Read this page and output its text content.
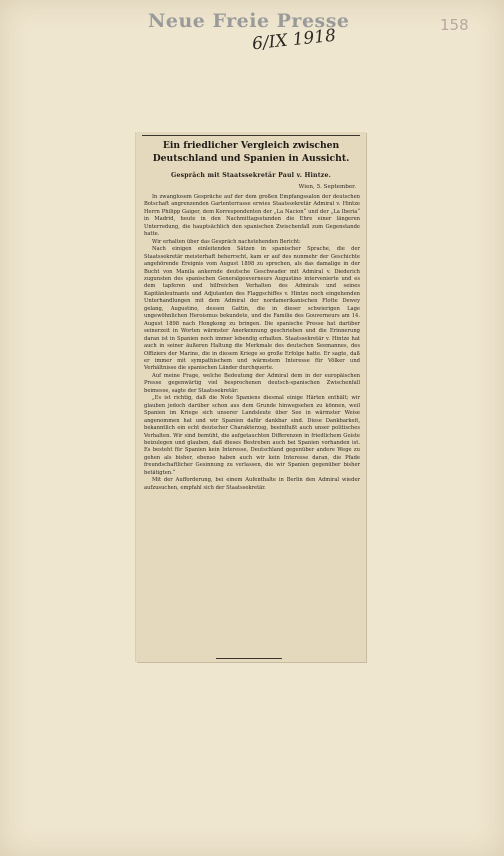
Neue Freie Presse
6/IX 1918
158
Ein friedlicher Vergleich zwischen Deutschland und Spanien in Aussicht.
Gespräch mit Staatssekretär Paul v. Hintze.
Wien, 5. September.

In zwanglosem Gespräche auf der dem großen Empfangssalon der deutschen Botschaft angrenzenden Gartenterrasse erwies Staatssekretär Admiral v. Hintze Herrn Philipp Gaiger, dem Korrespondenten der „La Nacion“ und der „La Iberia“ in Madrid, heute in den Nachmittagsstunden die Ehre einer längeren Unterredung, die hauptsächlich den spanischen Zwischenfall zum Gegenstande hatte.

Wir erhalten über das Gespräch nachstehenden Bericht:

Nach einigen einleitenden Sätzen in spanischer Sprache, die der Staatssekretär meisterhaft beherrscht, kam er auf des nunmehr der Geschichte angehörende Ereignis vom August 1898 zu sprechen, als das damalige in der Bucht von Manila ankernde deutsche Geschwader mit Admiral v. Diederich zugunsten des spanischen Generalgouverneurs Augustino intervenierte und es dem tapferen und hilfreichen Verhalten des Admirals und seines Kapitänleutnants und Adjutanten des Flaggschiffes v. Hintze noch eingehenden Unterhandlungen mit dem Admiral der nordamerikanischen Flotte Dewey gelang, Augustino, dessen Gattin, die in dieser schwierigen Lage ungewöhnlichen Heroismus bekundete, und die Familie des Gouverneurs am 14. August 1898 nach Hongkong zu bringen. Die spanische Presse hat darüber seinerzeit in Worten wärmster Anerkennung geschrieben und die Erinnerung daran ist in Spanien noch immer lebendig erhalten. Staatssekretär v. Hintze hat auch in seiner äußeren Haltung die Merkmale des deutschen Seemannes, des Offiziers der Marine, die in diesem Kriege so große Erfolge hatte. Er sagte, daß er immer mit sympathischem und wärmstem Interesse für Völker und Verhältnisse die spanischen Länder durchquerte.

Auf meine Frage, welche Bedeutung der Admiral dem in der europäischen Presse gegenwärtig viel besprochenen deutsch-spanischen Zwischenfall beimesse, sagte der Staatssekretär:

„Es ist richtig, daß die Note Spaniens diesmal einige Härten enthält; wir glauben jedoch darüber schon aus dem Grunde hinwegsehen zu können, weil Spanien im Kriege sich unserer Landsleute über See in wärmster Weise angenommen hat und wir Spanien dafür dankbar sind. Diese Dankbarkeit, bekanntlich ein echt deutscher Charakterzug, beeinflußt auch unser politisches Verhalten. Wir sind bemüht, die aufgetauchten Differenzen in friedlichem Geiste beizulegen und glauben, daß dieses Bestreben auch bei Spanien vorhanden ist. Es besteht für Spanien kein Interesse, Deutschland gegenüber andere Wege zu gehen als bisher, ebenso haben auch wir kein Interesse daran, die Pfade freundschaftlicher Gesinnung zu verlassen, die wir Spanien gegenüber bisher betätigten.“

Mit der Aufforderung, bei einem Aufenthalte in Berlin den Admiral wieder aufzusuchen, empfahl sich der Staatssekretär.
